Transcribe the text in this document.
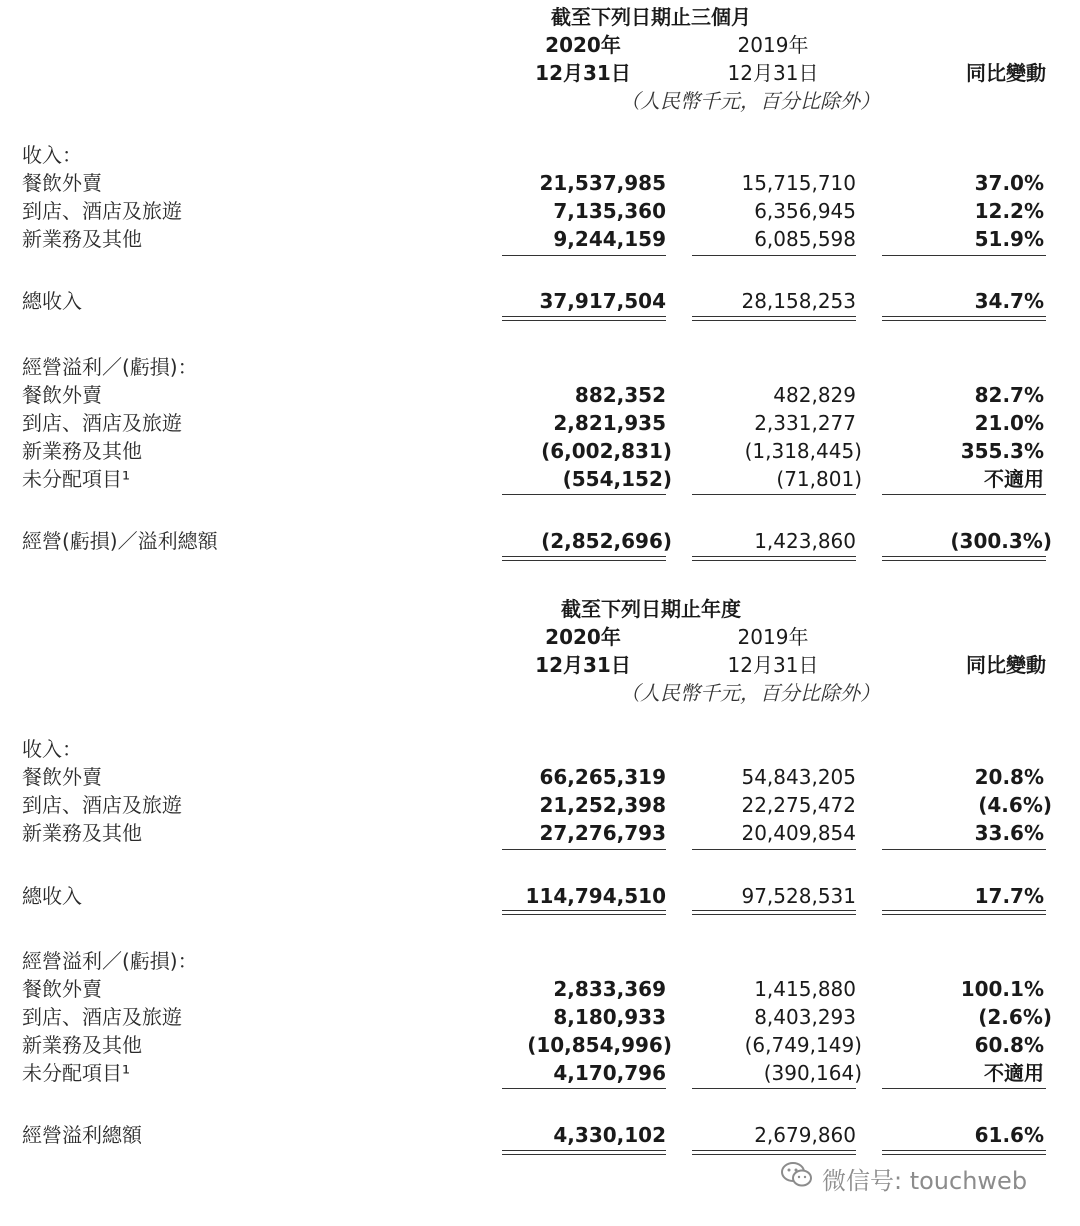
截至下列日期止三個月
2020年	2019年
12月31日	12月31日	同比變動
（人民幣千元，百分比除外）
收入：
餐飲外賣	21,537,985	15,715,710	37.0%
到店、酒店及旅遊	7,135,360	6,356,945	12.2%
新業務及其他	9,244,159	6,085,598	51.9%
總收入	37,917,504	28,158,253	34.7%
經營溢利／(虧損)：
餐飲外賣	882,352	482,829	82.7%
到店、酒店及旅遊	2,821,935	2,331,277	21.0%
新業務及其他	(6,002,831)	(1,318,445)	355.3%
未分配項目¹	(554,152)	(71,801)	不適用
經營(虧損)／溢利總額	(2,852,696)	1,423,860	(300.3%)
截至下列日期止年度
2020年	2019年
12月31日	12月31日	同比變動
（人民幣千元，百分比除外）
收入：
餐飲外賣	66,265,319	54,843,205	20.8%
到店、酒店及旅遊	21,252,398	22,275,472	(4.6%)
新業務及其他	27,276,793	20,409,854	33.6%
總收入	114,794,510	97,528,531	17.7%
經營溢利／(虧損)：
餐飲外賣	2,833,369	1,415,880	100.1%
到店、酒店及旅遊	8,180,933	8,403,293	(2.6%)
新業務及其他	(10,854,996)	(6,749,149)	60.8%
未分配項目¹	4,170,796	(390,164)	不適用
經營溢利總額	4,330,102	2,679,860	61.6%
微信号: touchweb
